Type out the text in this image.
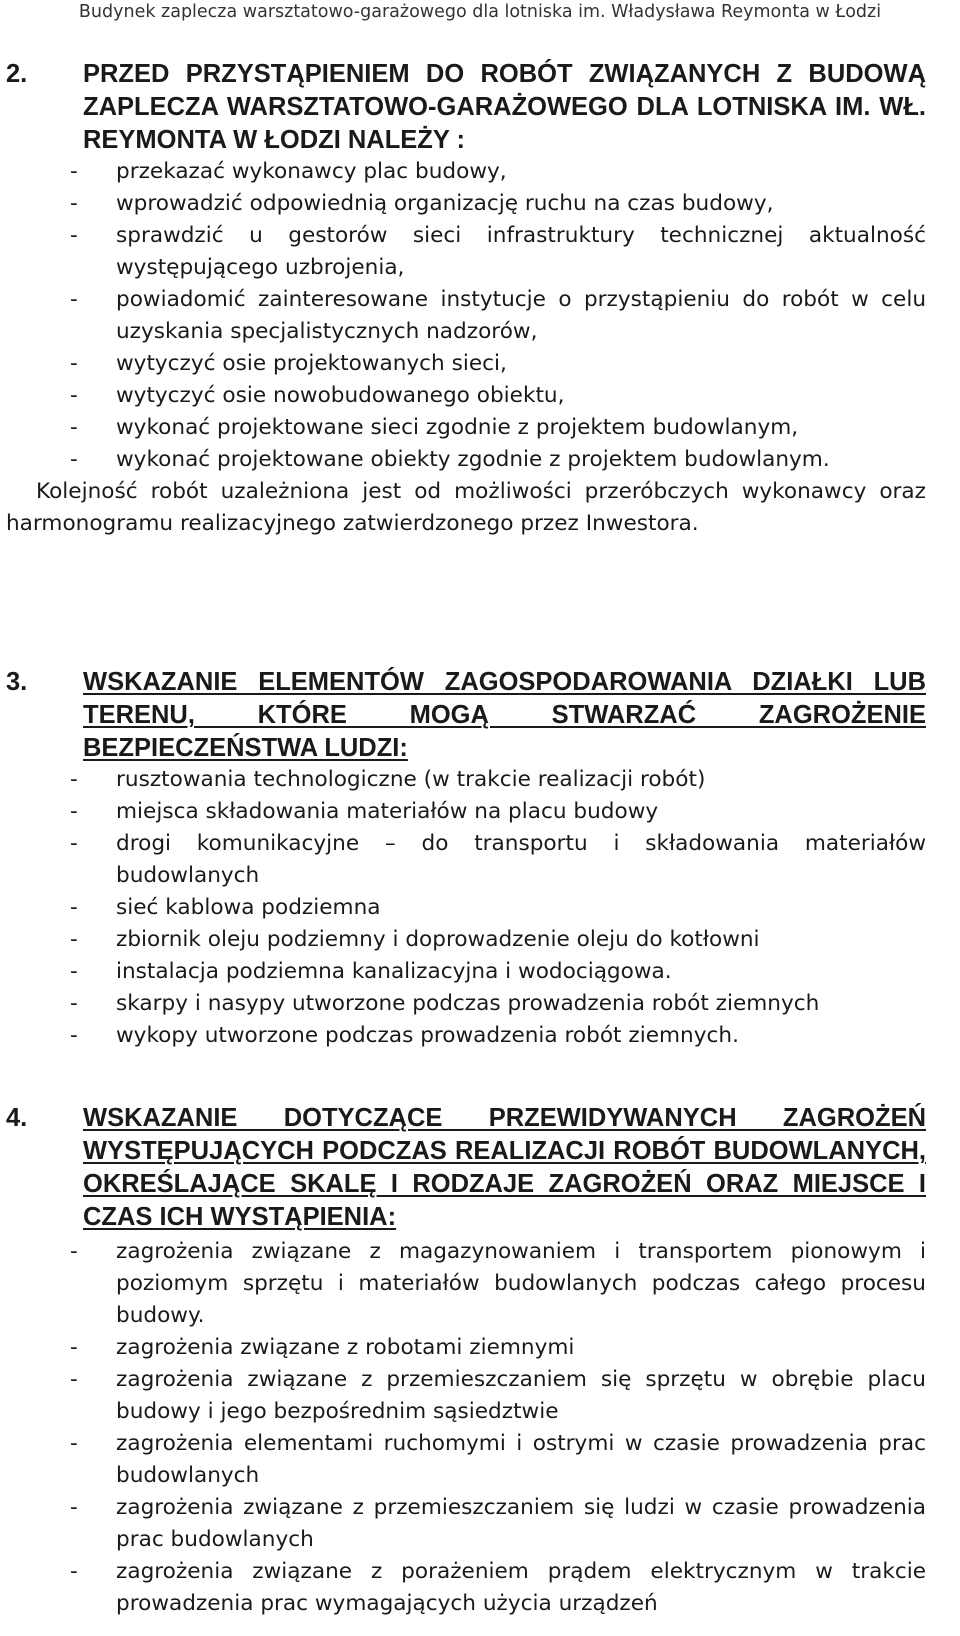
Budynek zaplecza warsztatowo-garażowego dla lotniska im. Władysława Reymonta w Łodzi
2. PRZED PRZYSTĄPIENIEM DO ROBÓT ZWIĄZANYCH Z BUDOWĄ ZAPLECZA WARSZTATOWO-GARAŻOWEGO DLA LOTNISKA IM. WŁ. REYMONTA W ŁODZI NALEŻY :
- przekazać wykonawcy plac budowy,
- wprowadzić odpowiednią organizację ruchu na czas budowy,
- sprawdzić u gestorów sieci infrastruktury technicznej aktualność występującego uzbrojenia,
- powiadomić zainteresowane instytucje o przystąpieniu do robót w celu uzyskania specjalistycznych nadzorów,
- wytyczyć osie projektowanych sieci,
- wytyczyć osie nowobudowanego obiektu,
- wykonać projektowane sieci zgodnie z projektem budowlanym,
- wykonać projektowane obiekty zgodnie z projektem budowlanym.

Kolejność robót uzależniona jest od możliwości przeróbczych wykonawcy oraz harmonogramu realizacyjnego zatwierdzonego przez Inwestora.

3. WSKAZANIE ELEMENTÓW ZAGOSPODAROWANIA DZIAŁKI LUB TERENU, KTÓRE MOGĄ STWARZAĆ ZAGROŻENIE BEZPIECZEŃSTWA LUDZI:
- rusztowania technologiczne (w trakcie realizacji robót)
- miejsca składowania materiałów na placu budowy
- drogi komunikacyjne – do transportu i składowania materiałów budowlanych
- sieć kablowa podziemna
- zbiornik oleju podziemny i doprowadzenie oleju do kotłowni
- instalacja podziemna kanalizacyjna i wodociągowa.
- skarpy i nasypy utworzone podczas prowadzenia robót ziemnych
- wykopy utworzone podczas prowadzenia robót ziemnych.
4. WSKAZANIE DOTYCZĄCE PRZEWIDYWANYCH ZAGROŻEŃ WYSTĘPUJĄCYCH PODCZAS REALIZACJI ROBÓT BUDOWLANYCH, OKREŚLAJĄCE SKALĘ I RODZAJE ZAGROŻEŃ ORAZ MIEJSCE I CZAS ICH WYSTĄPIENIA:
- zagrożenia związane z magazynowaniem i transportem pionowym i poziomym sprzętu i materiałów budowlanych podczas całego procesu budowy.
- zagrożenia związane z robotami ziemnymi
- zagrożenia związane z przemieszczaniem się sprzętu w obrębie placu budowy i jego bezpośrednim sąsiedztwie
- zagrożenia elementami ruchomymi i ostrymi w czasie prowadzenia prac budowlanych
- zagrożenia związane z przemieszczaniem się ludzi w czasie prowadzenia prac budowlanych
- zagrożenia związane z porażeniem prądem elektrycznym w trakcie prowadzenia prac wymagających użycia urządzeń
